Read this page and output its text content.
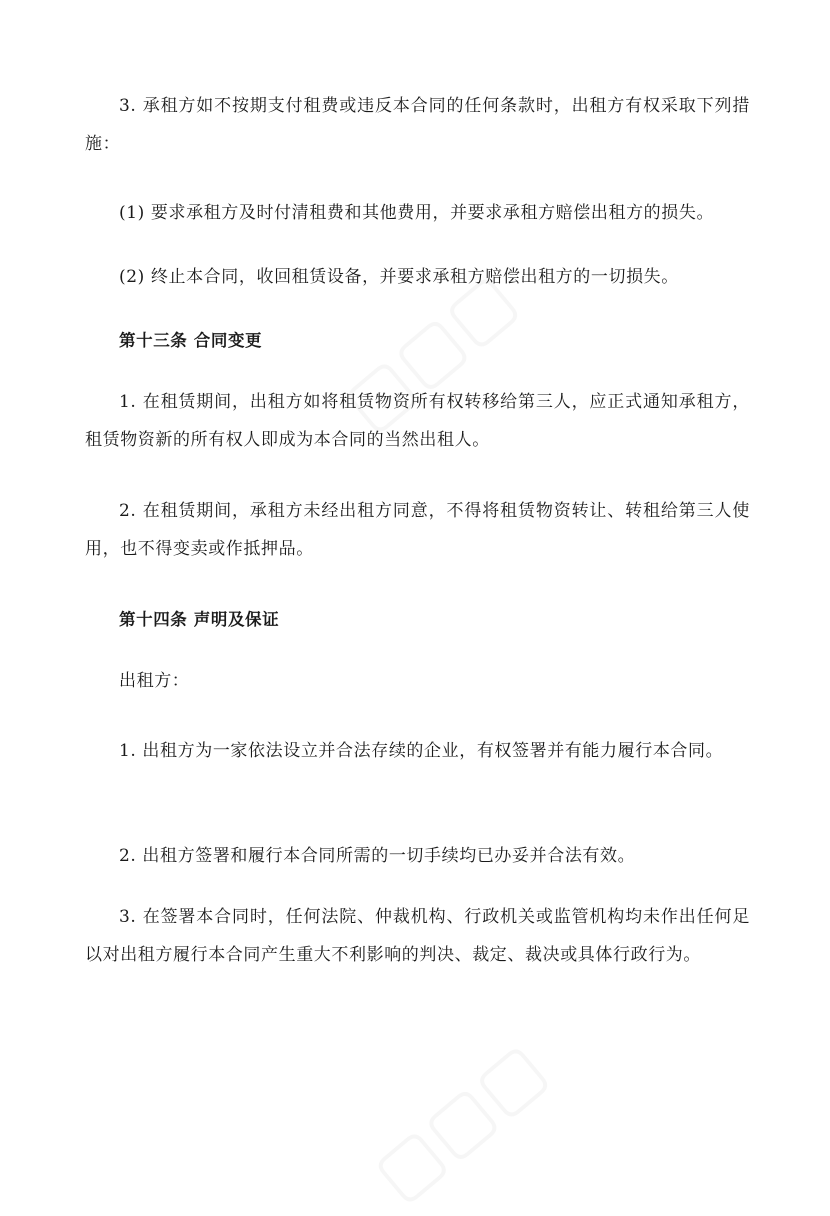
3. 承租方如不按期支付租费或违反本合同的任何条款时，出租方有权采取下列措施：

(1) 要求承租方及时付清租费和其他费用，并要求承租方赔偿出租方的损失。

(2) 终止本合同，收回租赁设备，并要求承租方赔偿出租方的一切损失。

第十三条 合同变更

1. 在租赁期间，出租方如将租赁物资所有权转移给第三人，应正式通知承租方，租赁物资新的所有权人即成为本合同的当然出租人。

2. 在租赁期间，承租方未经出租方同意，不得将租赁物资转让、转租给第三人使用，也不得变卖或作抵押品。

第十四条 声明及保证

出租方：

1. 出租方为一家依法设立并合法存续的企业，有权签署并有能力履行本合同。

2. 出租方签署和履行本合同所需的一切手续均已办妥并合法有效。

3. 在签署本合同时，任何法院、仲裁机构、行政机关或监管机构均未作出任何足以对出租方履行本合同产生重大不利影响的判决、裁定、裁决或具体行政行为。
